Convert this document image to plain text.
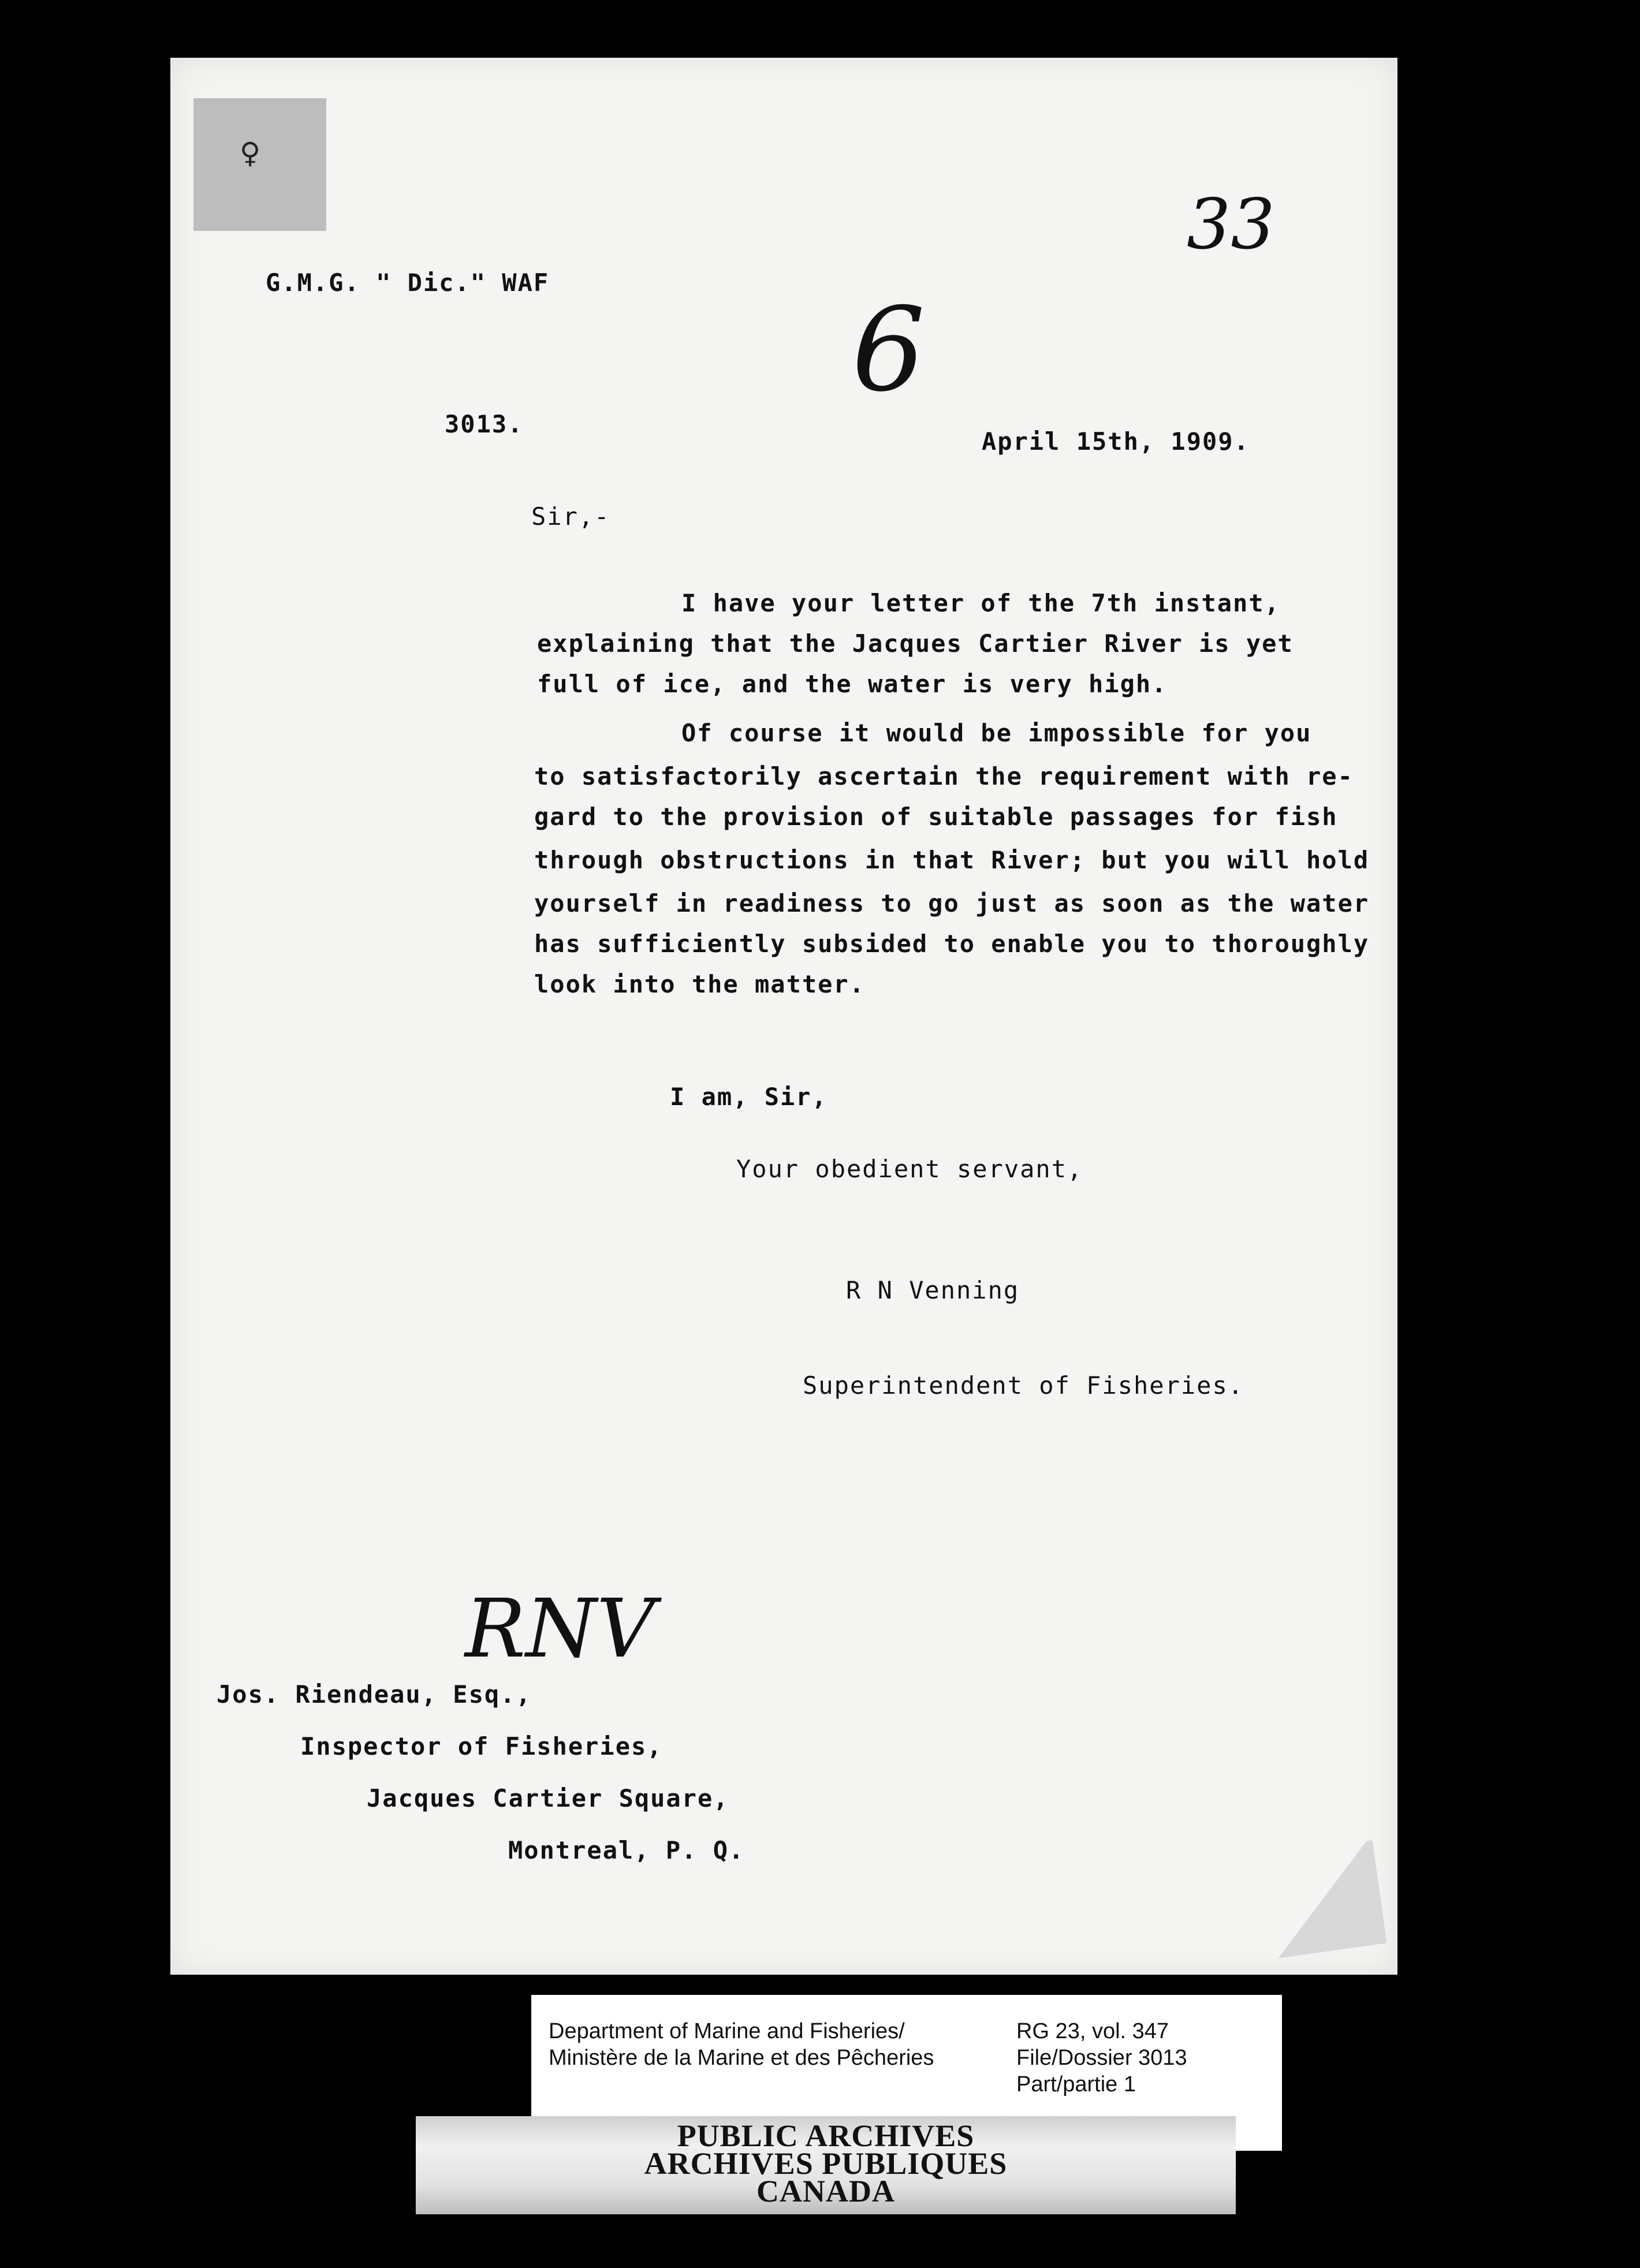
♀
33
G.M.G. " Dic." WAF
6
3013.
April 15th, 1909.
Sir,-
I have your letter of the 7th instant,
explaining that the Jacques Cartier River is yet
full of ice, and the water is very high.
Of course it would be impossible for you
to satisfactorily ascertain the requirement with re-
gard to the provision of suitable passages for fish
through obstructions in that River; but you will hold
yourself in readiness to go just as soon as the water
has sufficiently subsided to enable you to thoroughly
look into the matter.
I am, Sir,
Your obedient servant,
R N Venning
Superintendent of Fisheries.
RNV
Jos. Riendeau, Esq.,
Inspector of Fisheries,
Jacques Cartier Square,
Montreal, P. Q.
Department of Marine and Fisheries/
Ministère de la Marine et des Pêcheries
RG 23, vol. 347
File/Dossier 3013
Part/partie 1
PUBLIC ARCHIVES
ARCHIVES PUBLIQUES
CANADA
